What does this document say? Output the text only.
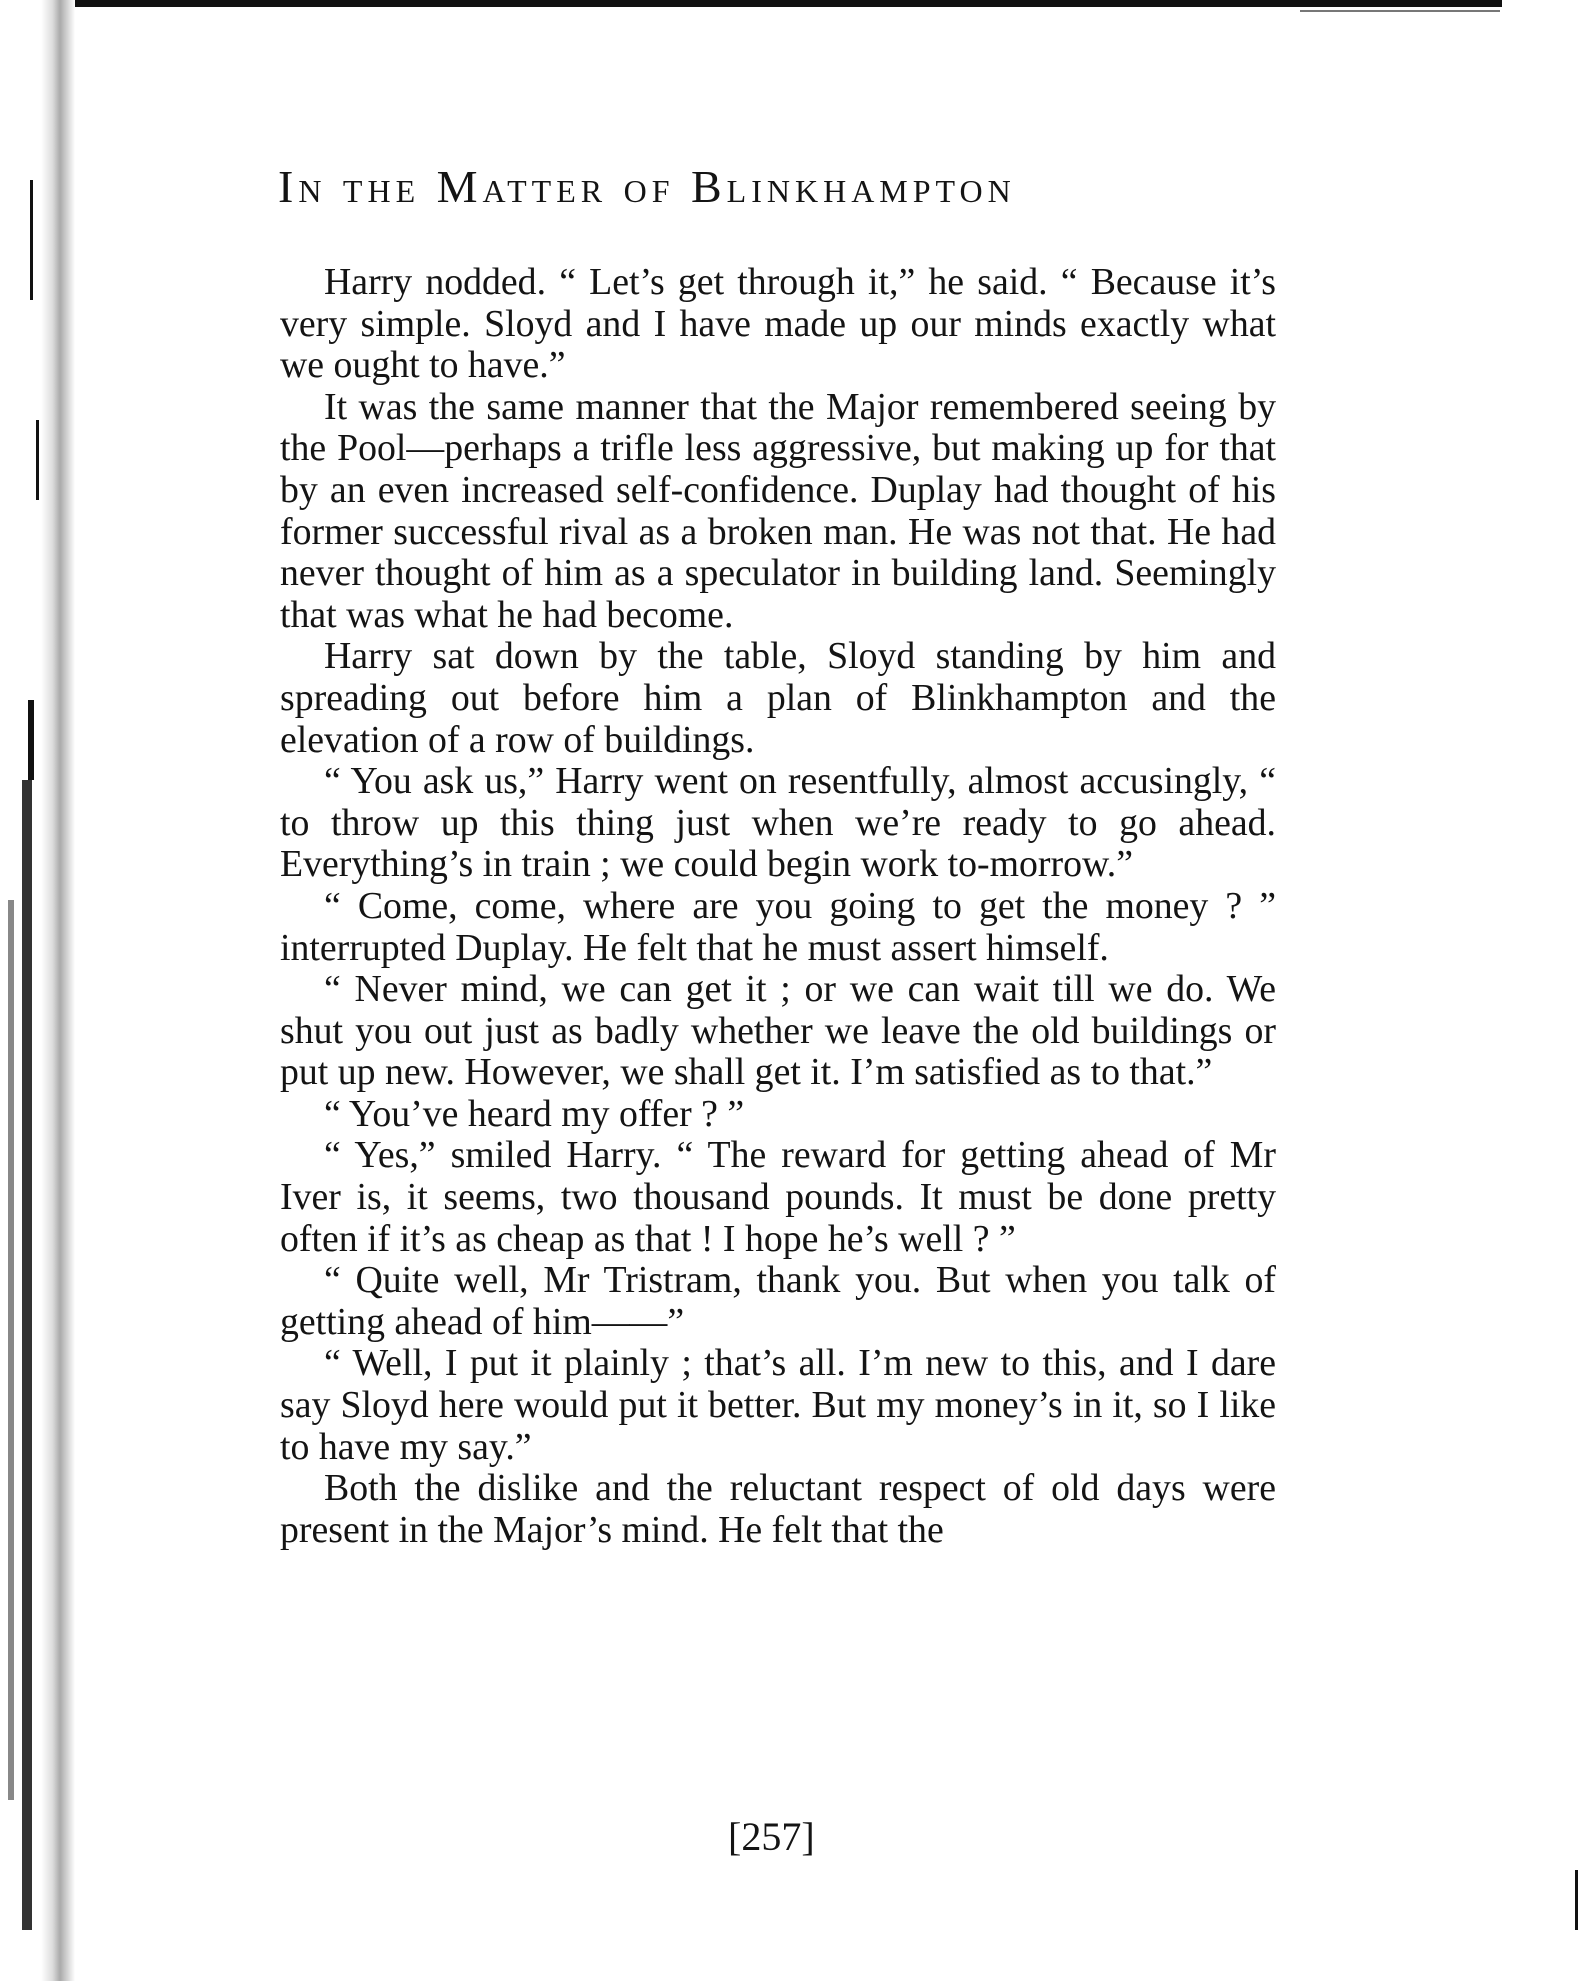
In the Matter of Blinkhampton

Harry nodded. “ Let’s get through it,” he said. “ Because it’s very simple. Sloyd and I have made up our minds exactly what we ought to have.”

It was the same manner that the Major remembered seeing by the Pool—perhaps a trifle less aggressive, but making up for that by an even increased self-confidence. Duplay had thought of his former successful rival as a broken man. He was not that. He had never thought of him as a speculator in building land. Seemingly that was what he had become.

Harry sat down by the table, Sloyd standing by him and spreading out before him a plan of Blinkhampton and the elevation of a row of buildings.

“ You ask us,” Harry went on resentfully, almost accusingly, “ to throw up this thing just when we’re ready to go ahead. Everything’s in train ; we could begin work to-morrow.”

“ Come, come, where are you going to get the money ? ” interrupted Duplay. He felt that he must assert himself.

“ Never mind, we can get it ; or we can wait till we do. We shut you out just as badly whether we leave the old buildings or put up new. However, we shall get it. I’m satisfied as to that.”

“ You’ve heard my offer ? ”

“ Yes,” smiled Harry. “ The reward for getting ahead of Mr Iver is, it seems, two thousand pounds. It must be done pretty often if it’s as cheap as that ! I hope he’s well ? ”

“ Quite well, Mr Tristram, thank you. But when you talk of getting ahead of him——”

“ Well, I put it plainly ; that’s all. I’m new to this, and I dare say Sloyd here would put it better. But my money’s in it, so I like to have my say.”

Both the dislike and the reluctant respect of old days were present in the Major’s mind. He felt that the

[257]
